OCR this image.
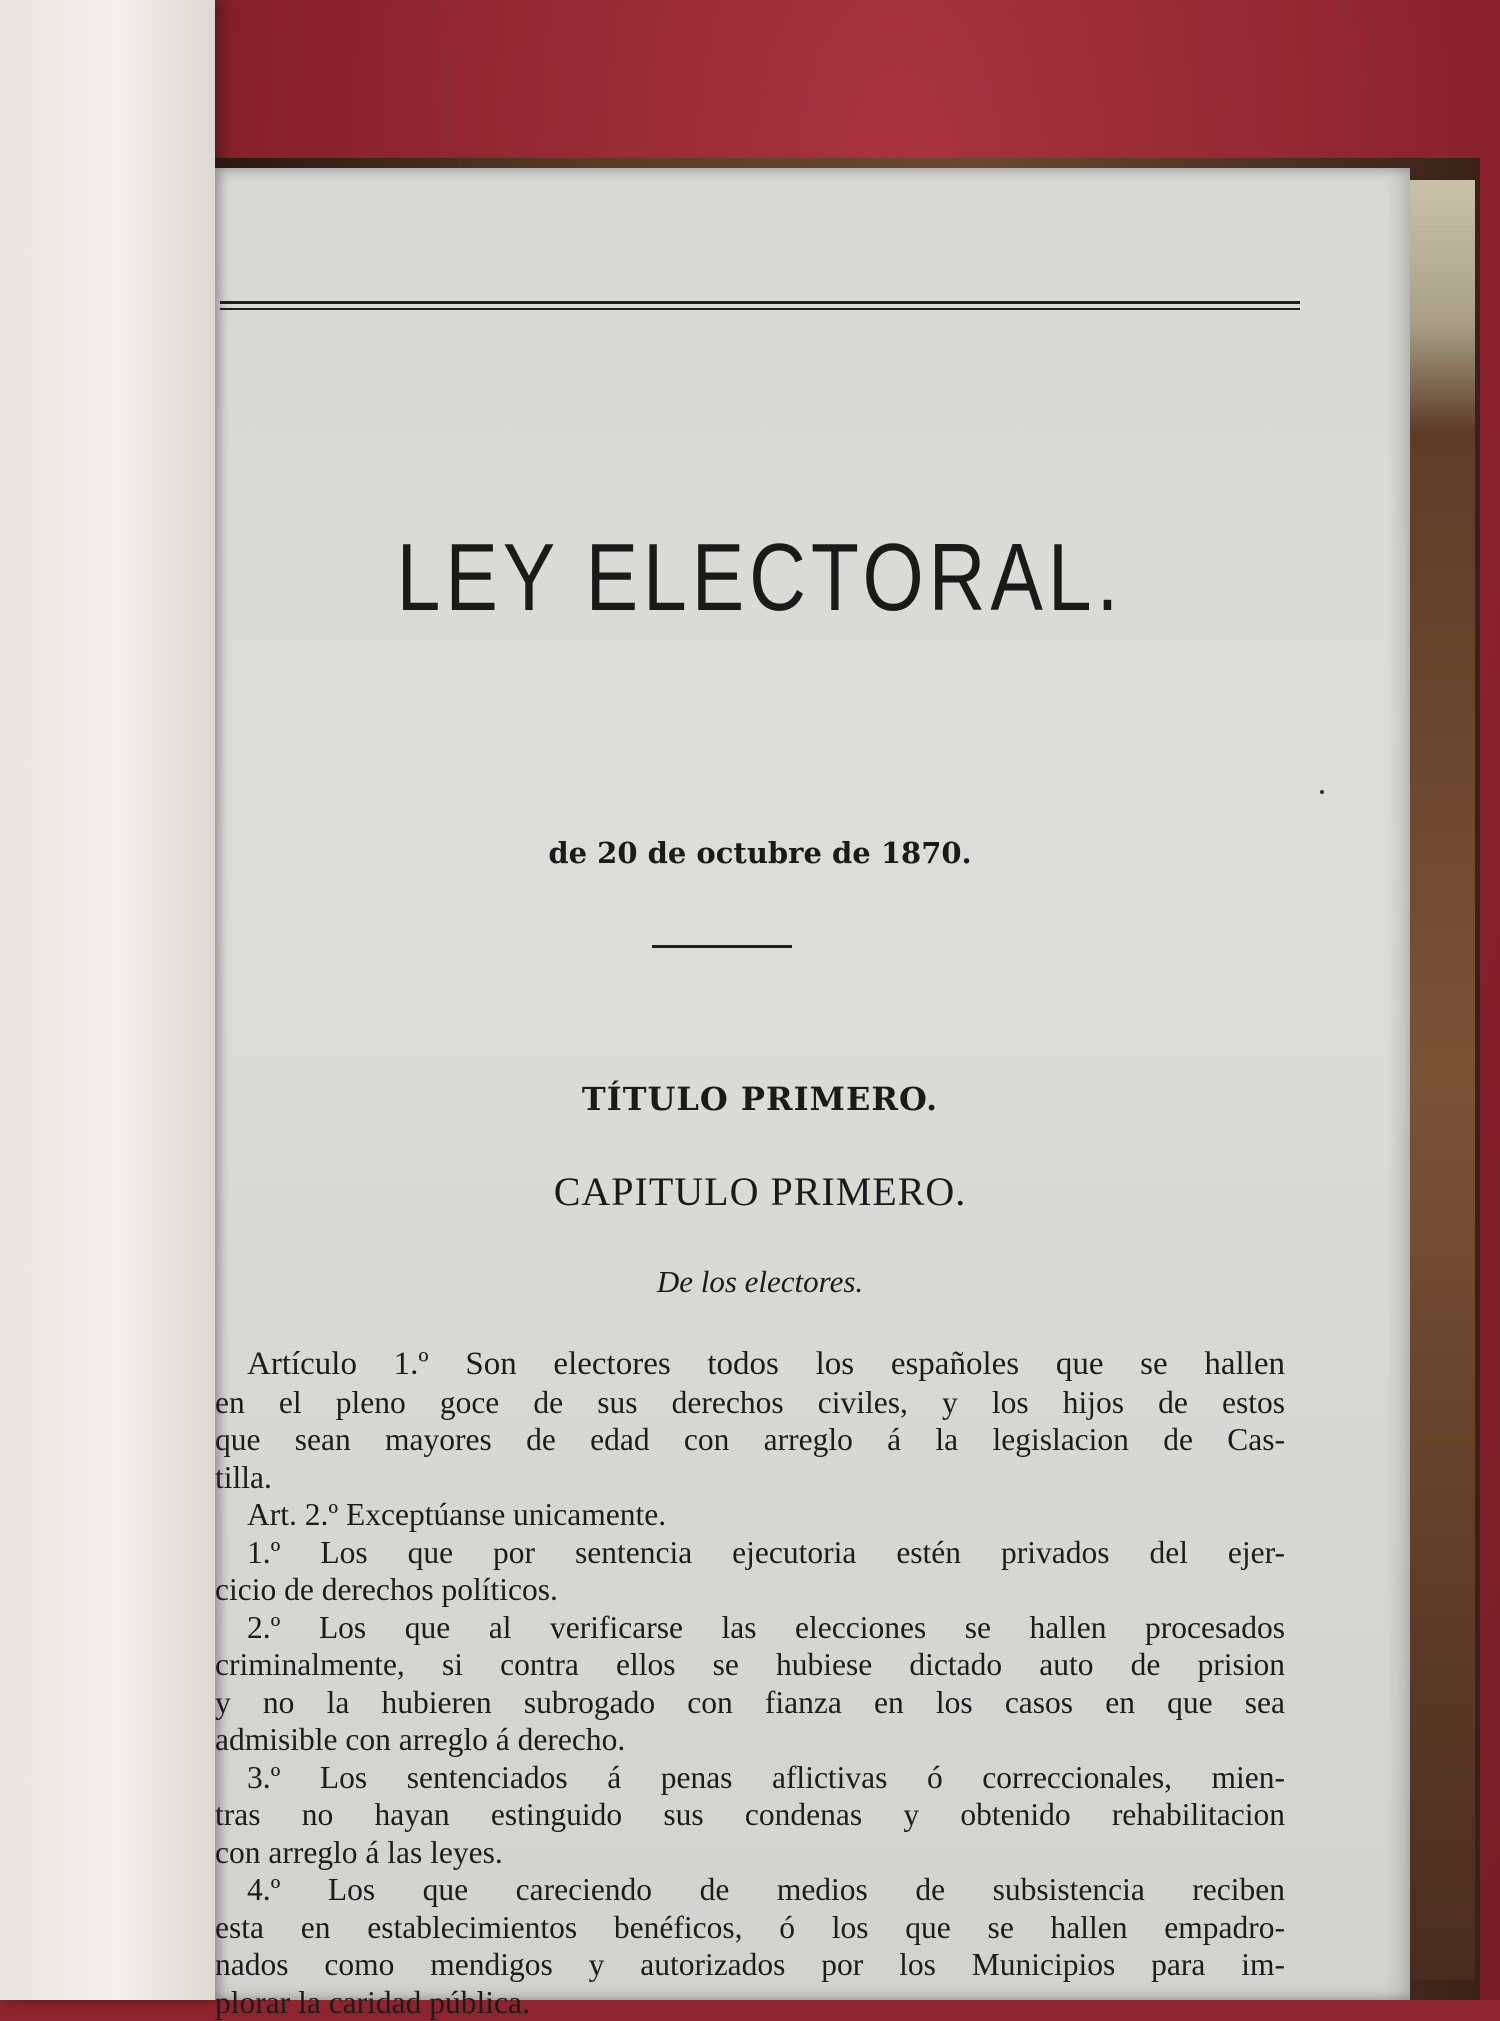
LEY ELECTORAL.
de 20 de octubre de 1870.
TÍTULO PRIMERO.
CAPITULO PRIMERO.
De los electores.
Artículo 1.º Son electores todos los españoles que se hallen
en el pleno goce de sus derechos civiles, y los hijos de estos
que sean mayores de edad con arreglo á la legislacion de Cas-
tilla.
Art. 2.º Exceptúanse unicamente.
1.º Los que por sentencia ejecutoria estén privados del ejer-
cicio de derechos políticos.
2.º Los que al verificarse las elecciones se hallen procesados
criminalmente, si contra ellos se hubiese dictado auto de prision
y no la hubieren subrogado con fianza en los casos en que sea
admisible con arreglo á derecho.
3.º Los sentenciados á penas aflictivas ó correccionales, mien-
tras no hayan estinguido sus condenas y obtenido rehabilitacion
con arreglo á las leyes.
4.º Los que careciendo de medios de subsistencia reciben
esta en establecimientos benéficos, ó los que se hallen empadro-
nados como mendigos y autorizados por los Municipios para im-
plorar la caridad pública.
